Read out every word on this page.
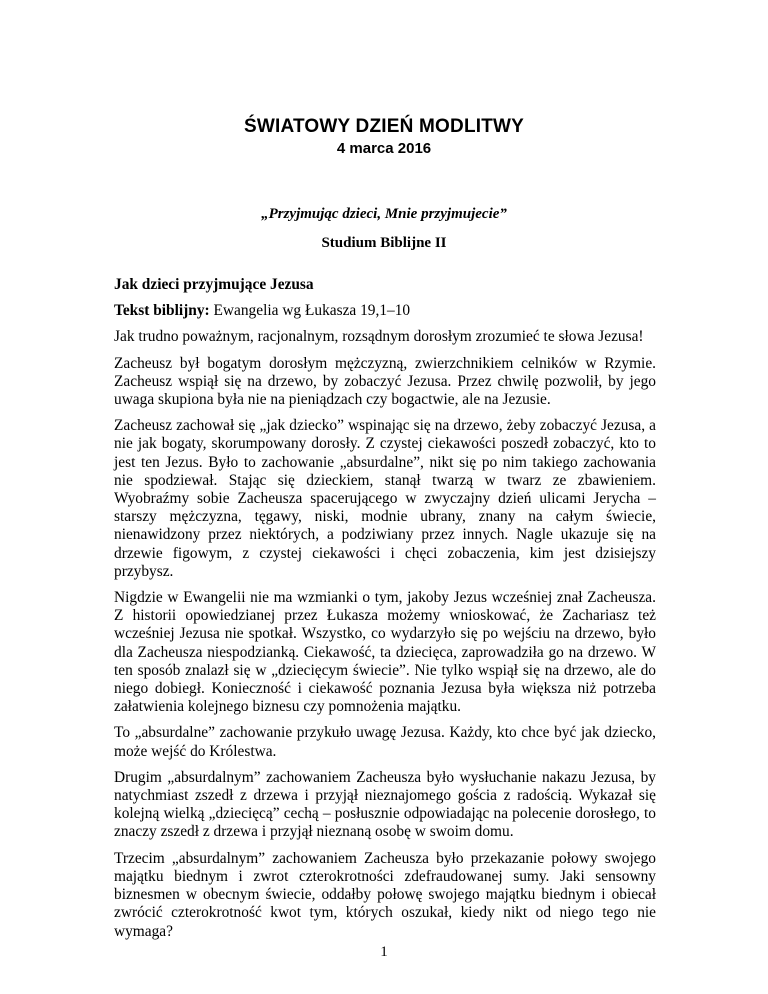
ŚWIATOWY DZIEŃ MODLITWY
4 marca 2016
„Przyjmując dzieci, Mnie przyjmujecie”
Studium Biblijne II

Jak dzieci przyjmujące Jezusa

Tekst biblijny: Ewangelia wg Łukasza 19,1–10

Jak trudno poważnym, racjonalnym, rozsądnym dorosłym zrozumieć te słowa Jezusa!

Zacheusz był bogatym dorosłym mężczyzną, zwierzchnikiem celników w Rzymie. Zacheusz wspiął się na drzewo, by zobaczyć Jezusa. Przez chwilę pozwolił, by jego uwaga skupiona była nie na pieniądzach czy bogactwie, ale na Jezusie.

Zacheusz zachował się „jak dziecko” wspinając się na drzewo, żeby zobaczyć Jezusa, a nie jak bogaty, skorumpowany dorosły. Z czystej ciekawości poszedł zobaczyć, kto to jest ten Jezus. Było to zachowanie „absurdalne”, nikt się po nim takiego zachowania nie spodziewał. Stając się dzieckiem, stanął twarzą w twarz ze zbawieniem. Wyobraźmy sobie Zacheusza spacerującego w zwyczajny dzień ulicami Jerycha – starszy mężczyzna, tęgawy, niski, modnie ubrany, znany na całym świecie, nienawidzony przez niektórych, a podziwiany przez innych. Nagle ukazuje się na drzewie figowym, z czystej ciekawości i chęci zobaczenia, kim jest dzisiejszy przybysz.

Nigdzie w Ewangelii nie ma wzmianki o tym, jakoby Jezus wcześniej znał Zacheusza. Z historii opowiedzianej przez Łukasza możemy wnioskować, że Zachariasz też wcześniej Jezusa nie spotkał. Wszystko, co wydarzyło się po wejściu na drzewo, było dla Zacheusza niespodzianką. Ciekawość, ta dziecięca, zaprowadziła go na drzewo. W ten sposób znalazł się w „dziecięcym świecie”. Nie tylko wspiął się na drzewo, ale do niego dobiegł. Konieczność i ciekawość poznania Jezusa była większa niż potrzeba załatwienia kolejnego biznesu czy pomnożenia majątku.

To „absurdalne” zachowanie przykuło uwagę Jezusa. Każdy, kto chce być jak dziecko, może wejść do Królestwa.

Drugim „absurdalnym” zachowaniem Zacheusza było wysłuchanie nakazu Jezusa, by natychmiast zszedł z drzewa i przyjął nieznajomego gościa z radością. Wykazał się kolejną wielką „dziecięcą” cechą – posłusznie odpowiadając na polecenie dorosłego, to znaczy zszedł z drzewa i przyjął nieznaną osobę w swoim domu.

Trzecim „absurdalnym” zachowaniem Zacheusza było przekazanie połowy swojego majątku biednym i zwrot czterokrotności zdefraudowanej sumy. Jaki sensowny biznesmen w obecnym świecie, oddałby połowę swojego majątku biednym i obiecał zwrócić czterokrotność kwot tym, których oszukał, kiedy nikt od niego tego nie wymaga?

1
